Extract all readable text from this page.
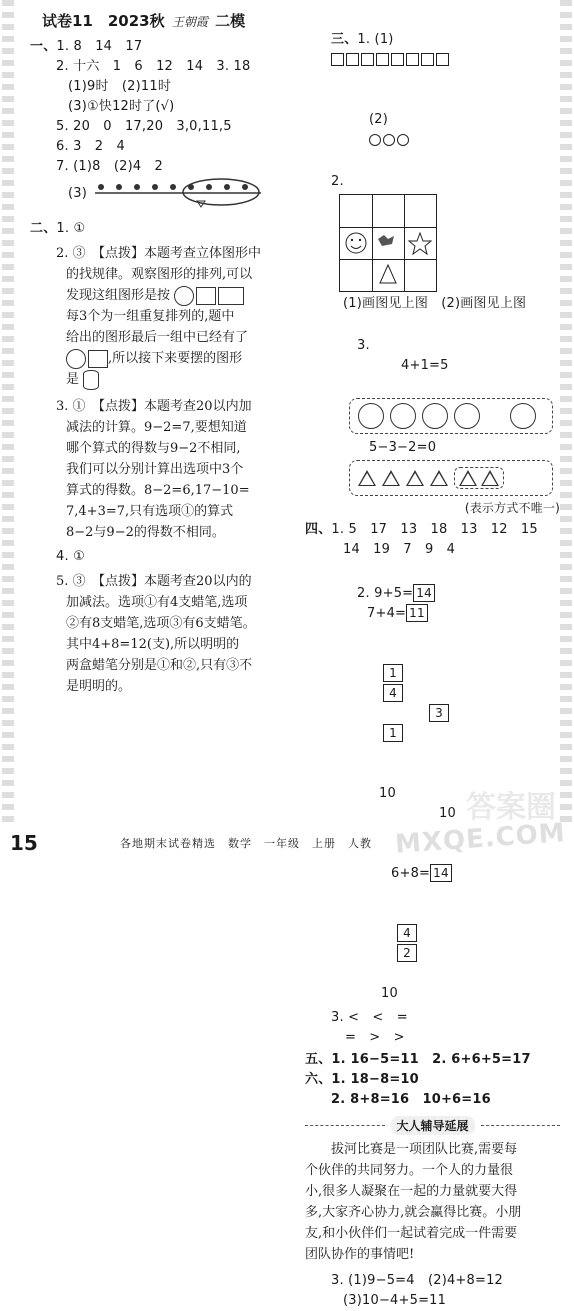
试卷11　2023秋 王朝霞 二模
一、1. 8　14　17
2. 十六　1　6　12　14　3. 18
(1)9时　(2)11时
(3)①快12时了(√)
5. 20　0　17,20　3,0,11,5
6. 3　2　4
7. (1)8　(2)4　2
(3)
二、1. ①
2. ③　【点拨】本题考查立体图形中
的找规律。观察图形的排列,可以
发现这组图形是按
每3个为一组重复排列的,题中
给出的图形最后一组中已经有了
,所以接下来要摆的图形
是
3. ①　【点拨】本题考查20以内加
减法的计算。9−2=7,要想知道
哪个算式的得数与9−2不相同,
我们可以分别计算出选项中3个
算式的得数。8−2=6,17−10=
7,4+3=7,只有选项①的算式
8−2与9−2的得数不相同。
4. ①
5. ③　【点拨】本题考查20以内的
加减法。选项①有4支蜡笔,选项
②有8支蜡笔,选项③有6支蜡笔。
其中4+8=12(支),所以明明的
两盒蜡笔分别是①和②,只有③不
是明明的。

三、1. (1)

(2)

2.
(1)画图见上图　(2)画图见上图

3.
4+1=5

5−3−2=0
(表示方式不唯一)
四、1. 5　17　13　18　13　12　15
14　19　7　9　4

2. 9+5= 14
7+4= 11

1
4
3
1

10
10

6+8= 14

4
2

10
3. <　<　=
=　>　>
五、1. 16−5=11　2. 6+6+5=17
六、1. 18−8=10
2. 8+8=16　10+6=16
大人辅导延展
拔河比赛是一项团队比赛,需要每
个伙伴的共同努力。一个人的力量很
小,很多人凝聚在一起的力量就要大得
多,大家齐心协力,就会赢得比赛。小朋
友,和小伙伴们一起试着完成一件需要
团队协作的事情吧!
3. (1)9−5=4　(2)4+8=12
(3)10−4+5=11
答案圈
MXQE.COM
15	各地期末试卷精选　数学　一年级　上册　人教
